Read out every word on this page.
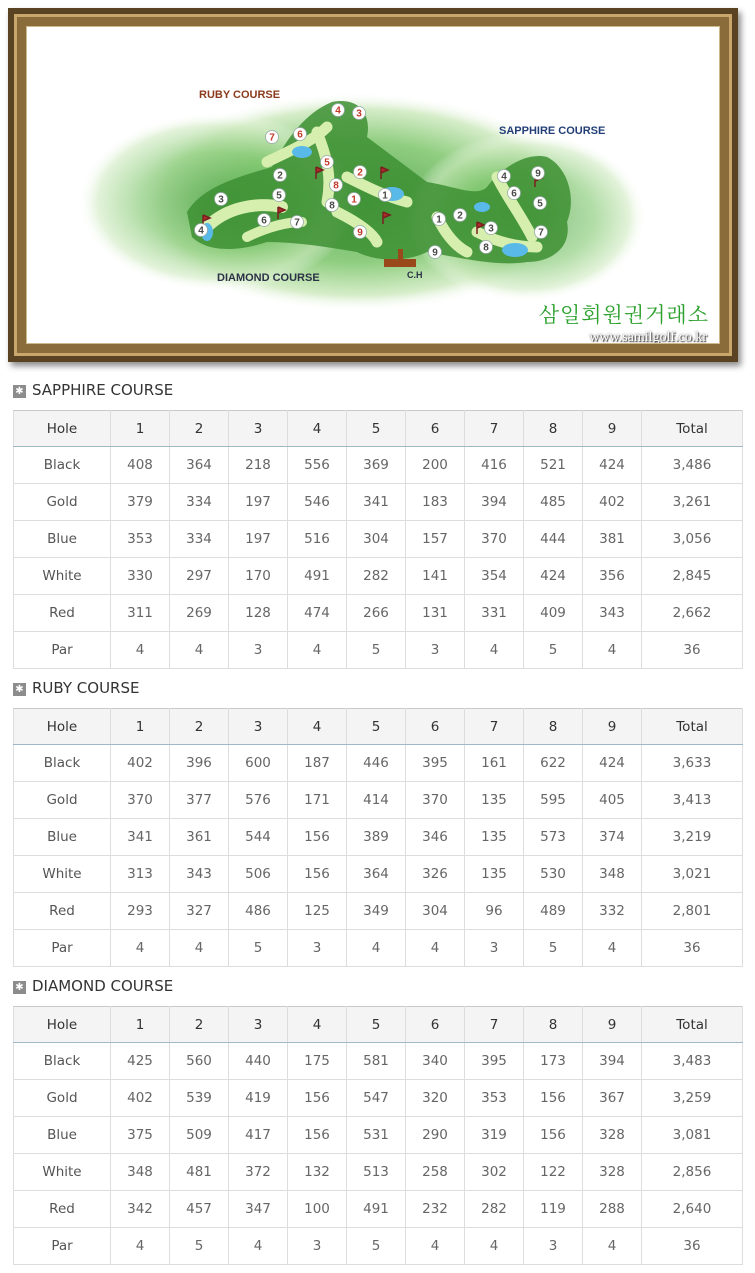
1
2
3
4
5
6
7
8
9
1
2
3
4
5
6	7
8
9
1
2
3
4
5
6
7
8
9
RUBY COURSE
SAPPHIRE COURSE
DIAMOND COURSE	C.H
삼일회원권거래소
www.samilgolf.co.kr
✱ SAPPHIRE COURSE
Hole	1	2	3	4	5	6	7	8	9	Total
Black	408	364	218	556	369	200	416	521	424	3,486
Gold	379	334	197	546	341	183	394	485	402	3,261
Blue	353	334	197	516	304	157	370	444	381	3,056
White	330	297	170	491	282	141	354	424	356	2,845
Red	311	269	128	474	266	131	331	409	343	2,662
Par	4	4	3	4	5	3	4	5	4	36
✱ RUBY COURSE
Hole	1	2	3	4	5	6	7	8	9	Total
Black	402	396	600	187	446	395	161	622	424	3,633
Gold	370	377	576	171	414	370	135	595	405	3,413
Blue	341	361	544	156	389	346	135	573	374	3,219
White	313	343	506	156	364	326	135	530	348	3,021
Red	293	327	486	125	349	304	96	489	332	2,801
Par	4	4	5	3	4	4	3	5	4	36
✱ DIAMOND COURSE
Hole	1	2	3	4	5	6	7	8	9	Total
Black	425	560	440	175	581	340	395	173	394	3,483
Gold	402	539	419	156	547	320	353	156	367	3,259
Blue	375	509	417	156	531	290	319	156	328	3,081
White	348	481	372	132	513	258	302	122	328	2,856
Red	342	457	347	100	491	232	282	119	288	2,640
Par	4	5	4	3	5	4	4	3	4	36
